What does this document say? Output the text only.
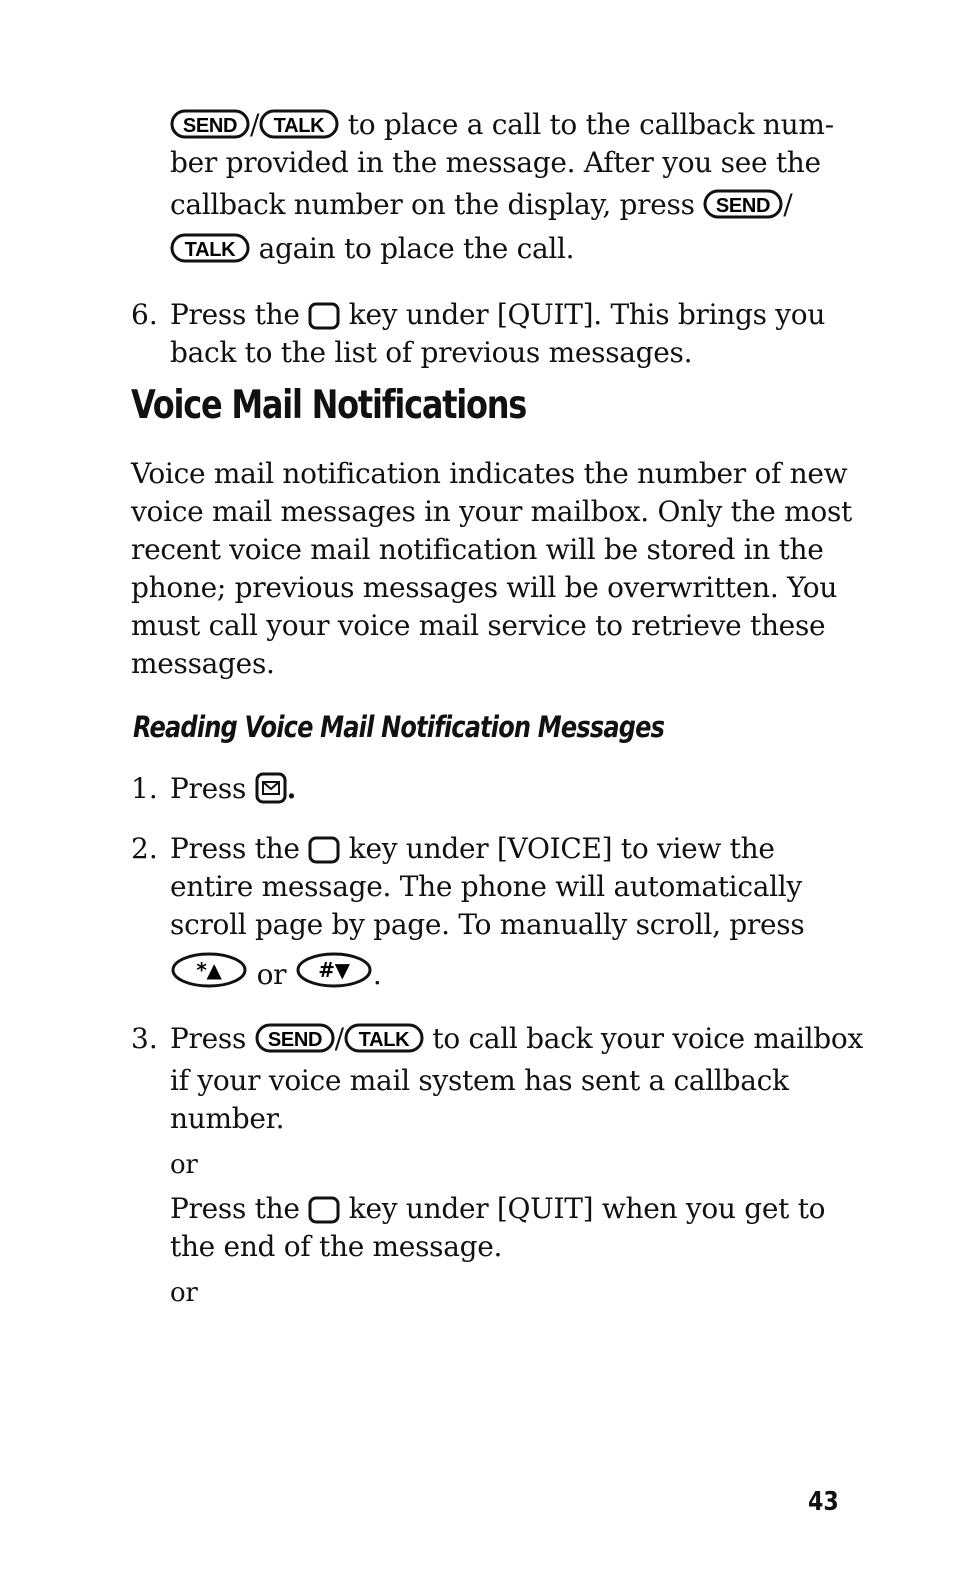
SEND / TALK to place a call to the callback num-
ber provided in the message. After you see the
callback number on the display, press SEND /
TALK again to place the call.
6. Press the
key under [QUIT]. This brings you
back to the list of previous messages.
Voice Mail Notifications
Voice mail notification indicates the number of new
voice mail messages in your mailbox. Only the most
recent voice mail notification will be stored in the
phone; previous messages will be overwritten. You
must call your voice mail service to retrieve these
messages.
Reading Voice Mail Notification Messages
1. Press
.
2. Press the
key under [VOICE] to view the
entire message. The phone will automatically
scroll page by page. To manually scroll, press
*▲ or #▼ .
3. Press SEND / TALK to call back your voice mailbox
if your voice mail system has sent a callback
number.
or
Press the
key under [QUIT] when you get to
the end of the message.
or
43
